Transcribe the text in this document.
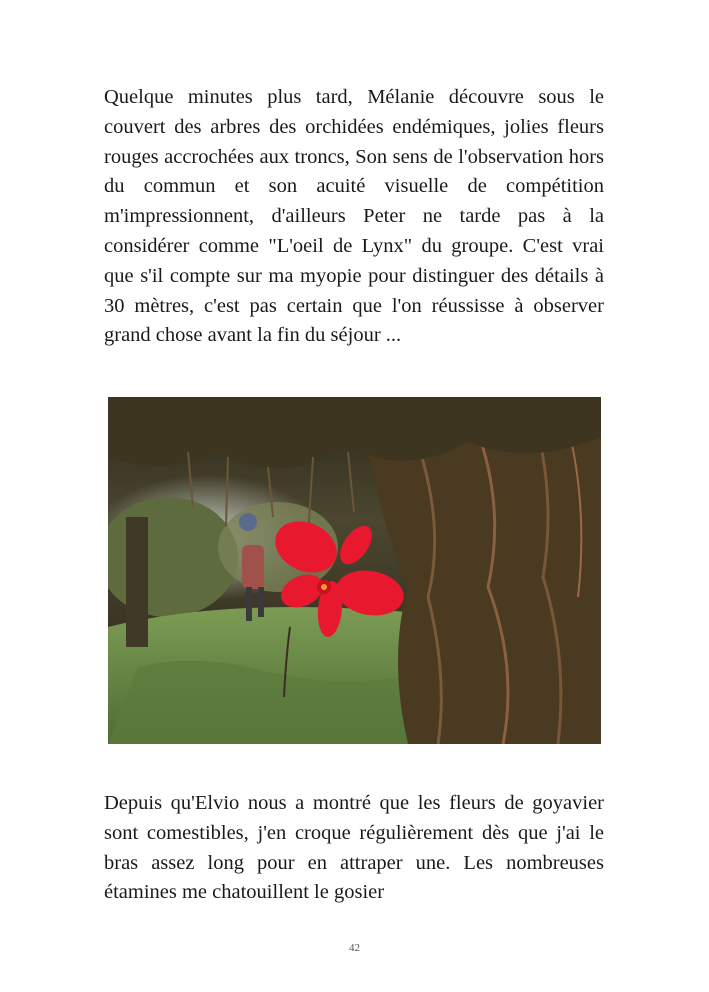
Quelque minutes plus tard, Mélanie découvre sous le couvert des arbres des orchidées endémiques, jolies fleurs rouges accrochées aux troncs, Son sens de l'observation hors du commun et son acuité visuelle de compétition m'impressionnent, d'ailleurs Peter ne tarde pas à la considérer comme "L'oeil de Lynx" du groupe. C'est vrai que s'il compte sur ma myopie pour distinguer des détails à 30 mètres, c'est pas certain que l'on réussisse à observer grand chose avant la fin du séjour ...

Depuis qu'Elvio nous a montré que les fleurs de goyavier sont comestibles, j'en croque régulièrement dès que j'ai le bras assez long pour en attraper une. Les nombreuses étamines me chatouillent le gosier

42
